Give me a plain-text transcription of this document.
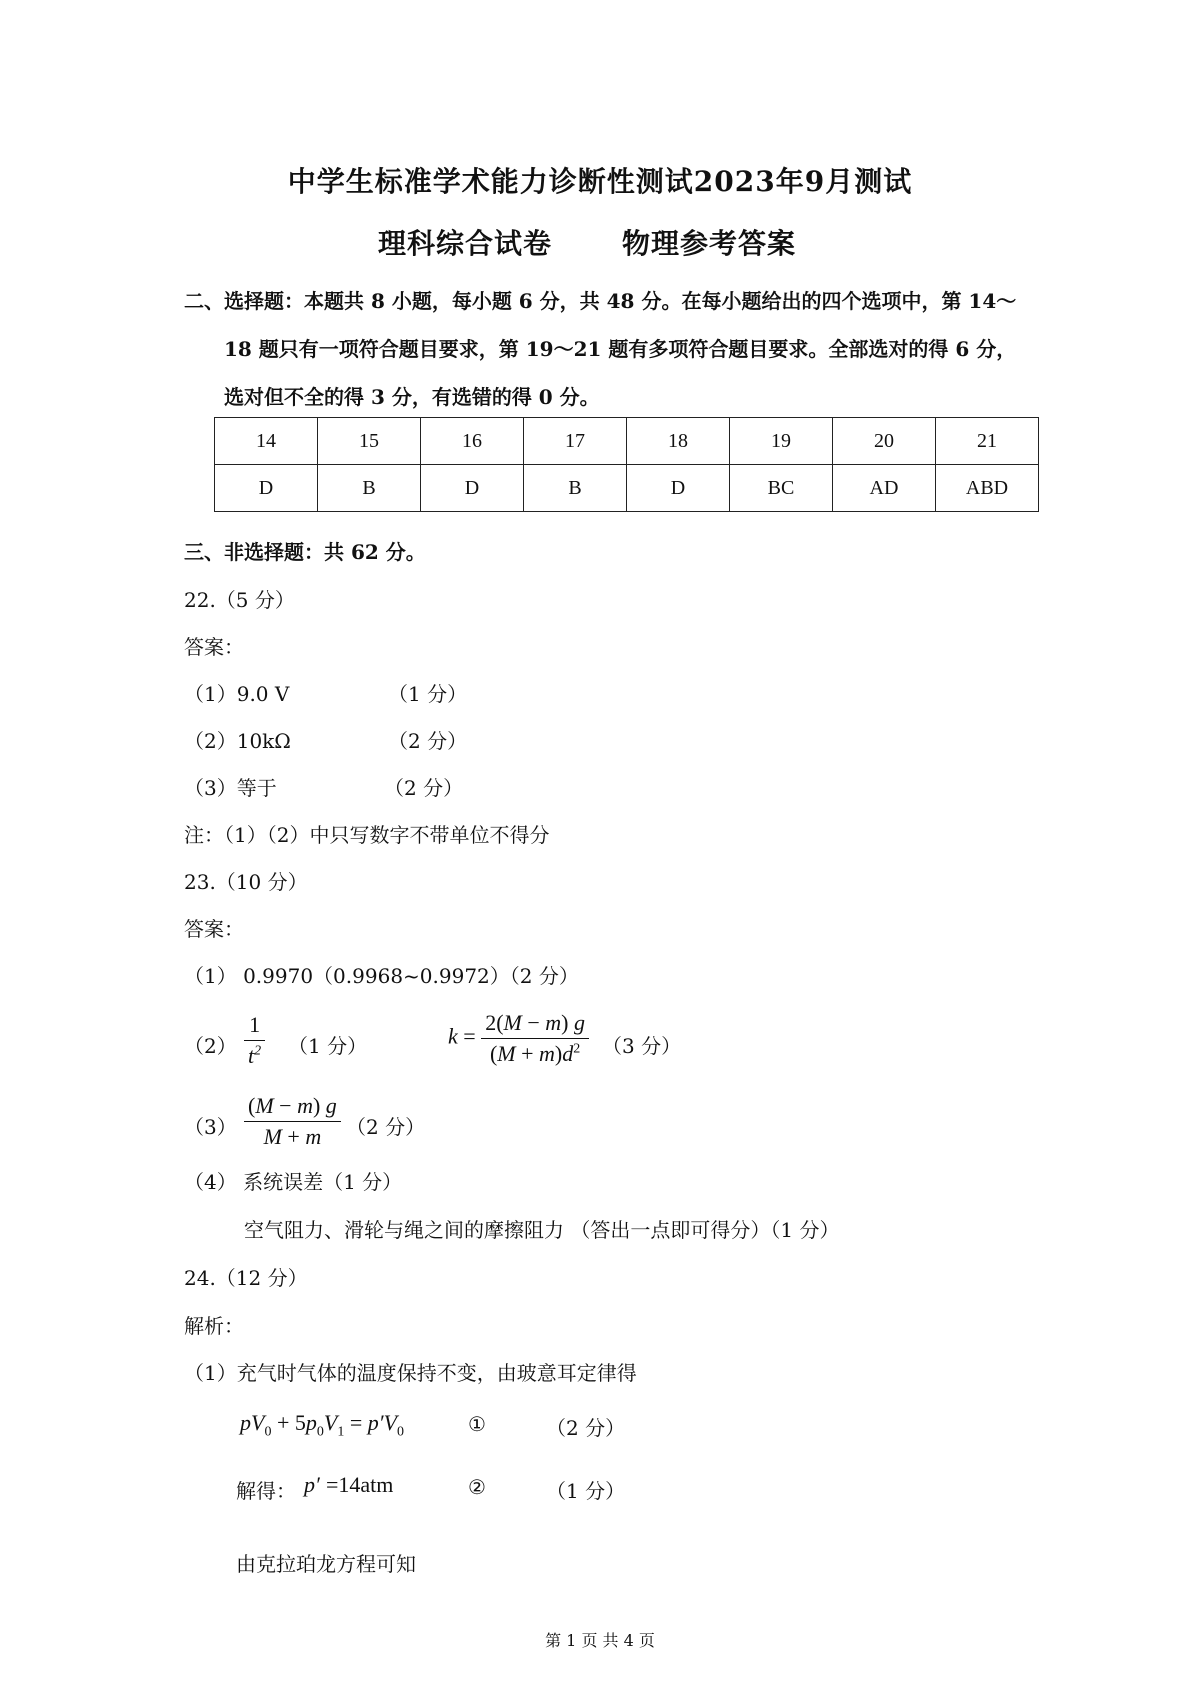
中学生标准学术能力诊断性测试2023年9月测试
理科综合试卷 物理参考答案
二、选择题：本题共 8 小题，每小题 6 分，共 48 分。在每小题给出的四个选项中，第 14～
18 题只有一项符合题目要求，第 19～21 题有多项符合题目要求。全部选对的得 6 分，
选对但不全的得 3 分，有选错的得 0 分。
14	15	16	17	18	19	20	21
D	B	D	B	D	BC	AD	ABD
三、非选择题：共 62 分。
22.（5 分）
答案：
（1）9.0 V	（1 分）
（2）10kΩ	（2 分）
（3）等于	（2 分）
注：（1）（2）中只写数字不带单位不得分
23.（10 分）
答案：
（1） 0.9970（0.9968~0.9972）（2 分）
$(2) \frac{1}{t^2} (1$ 分）	$k = \frac{2(M - m) g}{(M + m)d^2} (3$ 分）
$(3) \frac{(M - m) g}{M + m} (2$ 分）
（4） 系统误差（1 分）
空气阻力、滑轮与绳之间的摩擦阻力 （答出一点即可得分）（1 分）
24.（12 分）
解析：
（1）充气时气体的温度保持不变，由玻意耳定律得
$pV_0 + 5p_0V_1 = p'V_0$	①	（2 分）
解得： p′ =14atm	②	（1 分）
由克拉珀龙方程可知
第 1 页 共 4 页
